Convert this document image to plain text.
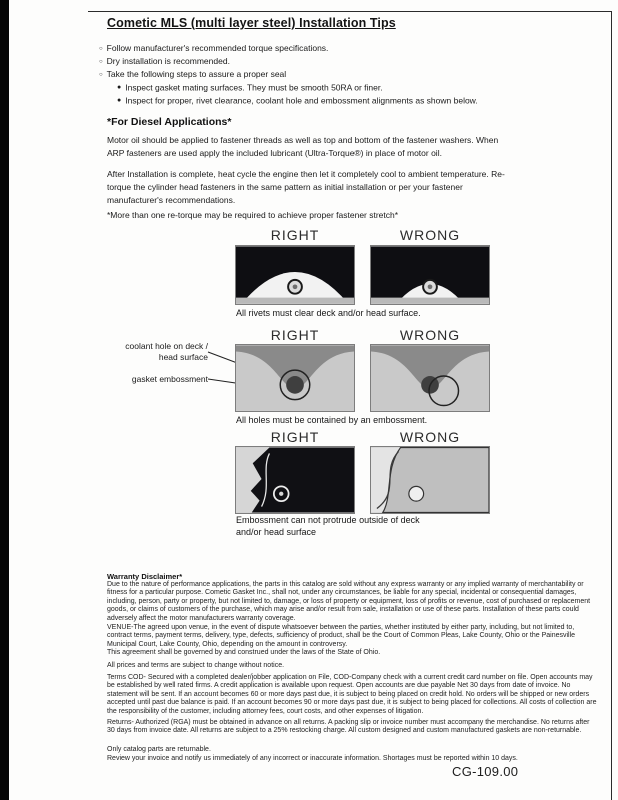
Cometic MLS (multi layer steel) Installation Tips
○ Follow manufacturer's recommended torque specifications.
○ Dry installation is recommended.
○ Take the following steps to assure a proper seal
● Inspect gasket mating surfaces. They must be smooth 50RA or finer.
● Inspect for proper, rivet clearance, coolant hole and embossment alignments as shown below.
*For Diesel Applications*
Motor oil should be applied to fastener threads as well as top and bottom of the fastener washers. When ARP fasteners are used apply the included lubricant (Ultra-Torque®) in place of motor oil.
After Installation is complete, heat cycle the engine then let it completely cool to ambient temperature. Re-torque the cylinder head fasteners in the same pattern as initial installation or per your fastener manufacturer's recommendations.
*More than one re-torque may be required to achieve proper fastener stretch*
RIGHT	WRONG
All rivets must clear deck and/or head surface.
RIGHT	WRONG
coolant hole on deck / head surface
gasket embossment
All holes must be contained by an embossment.
RIGHT	WRONG
Embossment can not protrude outside of deck
and/or head surface
Warranty Disclaimer*
Due to the nature of performance applications, the parts in this catalog are sold without any express warranty or any implied warranty of merchantability or fitness for a particular purpose. Cometic Gasket Inc., shall not, under any circumstances, be liable for any special, incidental or consequential damages, including, person, party or property, but not limited to, damage, or loss of property or equipment, loss of profits or revenue, cost of purchased or replacement goods, or claims of customers of the purchase, which may arise and/or result from sale, installation or use of these parts. Installation of these parts could adversely affect the motor manufacturers warranty coverage.
VENUE-The agreed upon venue, in the event of dispute whatsoever between the parties, whether instituted by either party, including, but not limited to, contract terms, payment terms, delivery, type, defects, sufficiency of product, shall be the Court of Common Pleas, Lake County, Ohio or the Painesville Municipal Court, Lake County, Ohio, depending on the amount in controversy.
This agreement shall be governed by and construed under the laws of the State of Ohio.
All prices and terms are subject to change without notice.
Terms COD- Secured with a completed dealer/jobber application on File, COD-Company check with a current credit card number on file. Open accounts may be established by well rated firms. A credit application is available upon request. Open accounts are due payable Net 30 days from date of invoice. No statement will be sent. If an account becomes 60 or more days past due, it is subject to being placed on credit hold. No orders will be shipped or new orders accepted until past due balance is paid. If an account becomes 90 or more days past due, it is subject to being placed for collections. All costs of collection are the responsibility of the customer, including attorney fees, court costs, and other expenses of litigation.
Returns- Authorized (RGA) must be obtained in advance on all returns. A packing slip or invoice number must accompany the merchandise. No returns after 30 days from invoice date. All returns are subject to a 25% restocking charge. All custom designed and custom manufactured gaskets are non-returnable.
Only catalog parts are returnable.
Review your invoice and notify us immediately of any incorrect or inaccurate information. Shortages must be reported within 10 days.
CG-109.00
